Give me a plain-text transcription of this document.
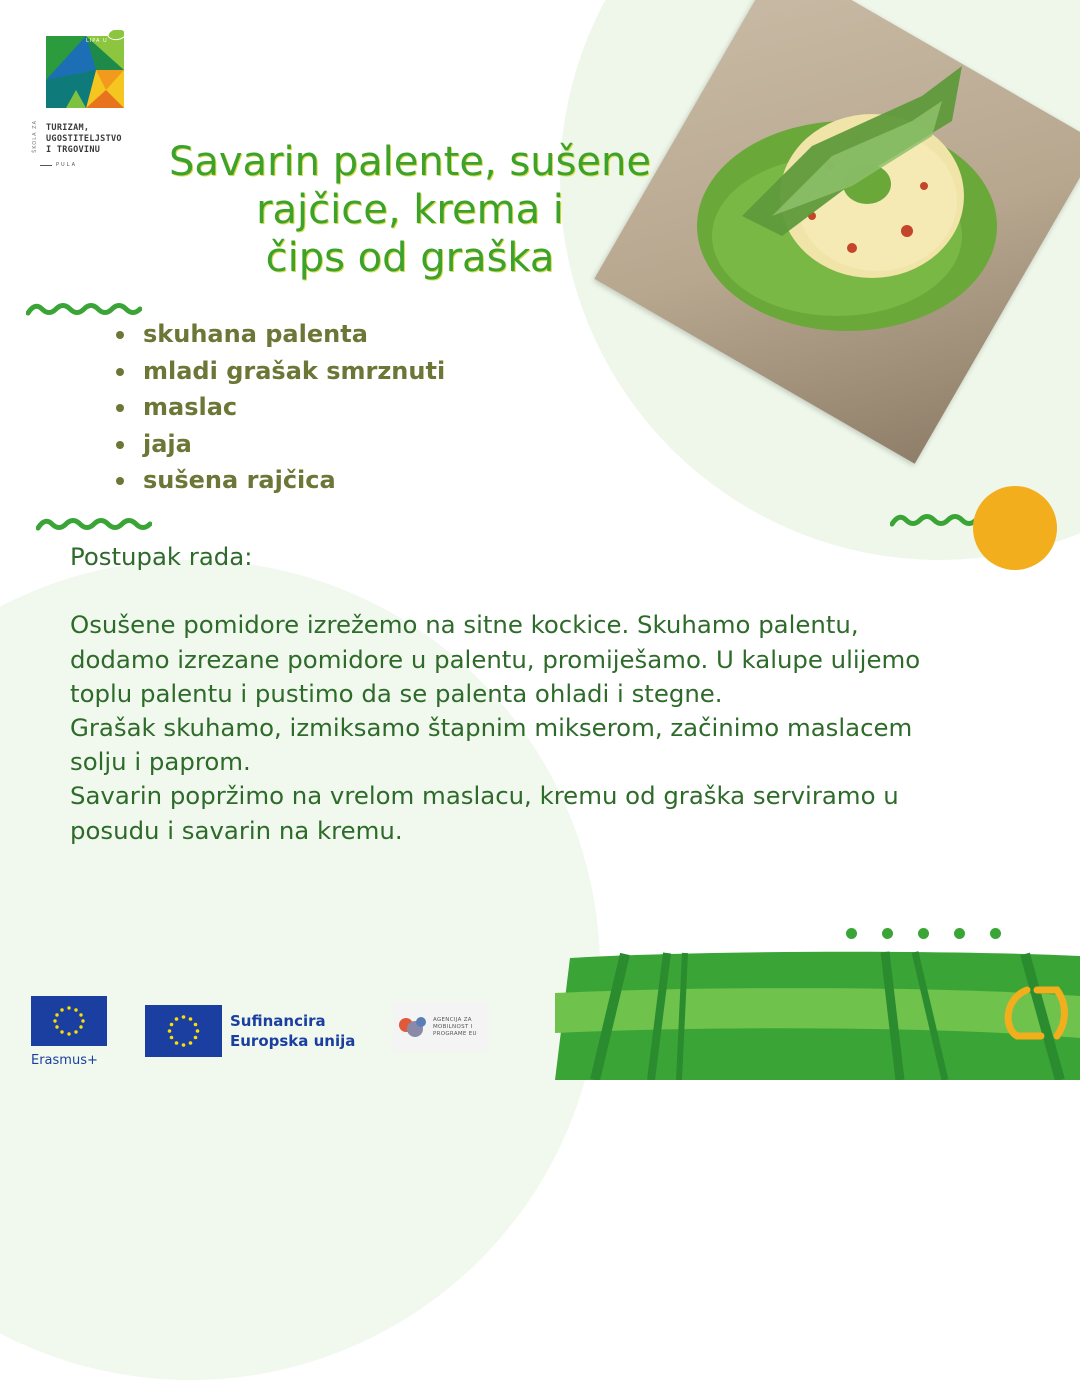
LIPA U
ŠKOLA ZA TURIZAM,
UGOSTITELJSTVO
I TRGOVINU
PULA	Savarin palente, sušene
rajčice, krema i
čips od graška
skuhana palenta
mladi grašak smrznuti
maslac
jaja
sušena rajčica

Postupak rada:

Osušene pomidore izrežemo na sitne kockice. Skuhamo palentu,

dodamo izrezane pomidore u palentu, promiješamo. U kalupe ulijemo

toplu palentu i pustimo da se palenta ohladi i stegne.

Grašak skuhamo, izmiksamo štapnim mikserom, začinimo maslacem

solju i paprom.

Savarin popržimo na vrelom maslacu, kremu od graška serviramo u

posudu i savarin na kremu.

Erasmus+
Sufinancira
Europska unija
AGENCIJA ZA
MOBILNOST I
PROGRAME EU
